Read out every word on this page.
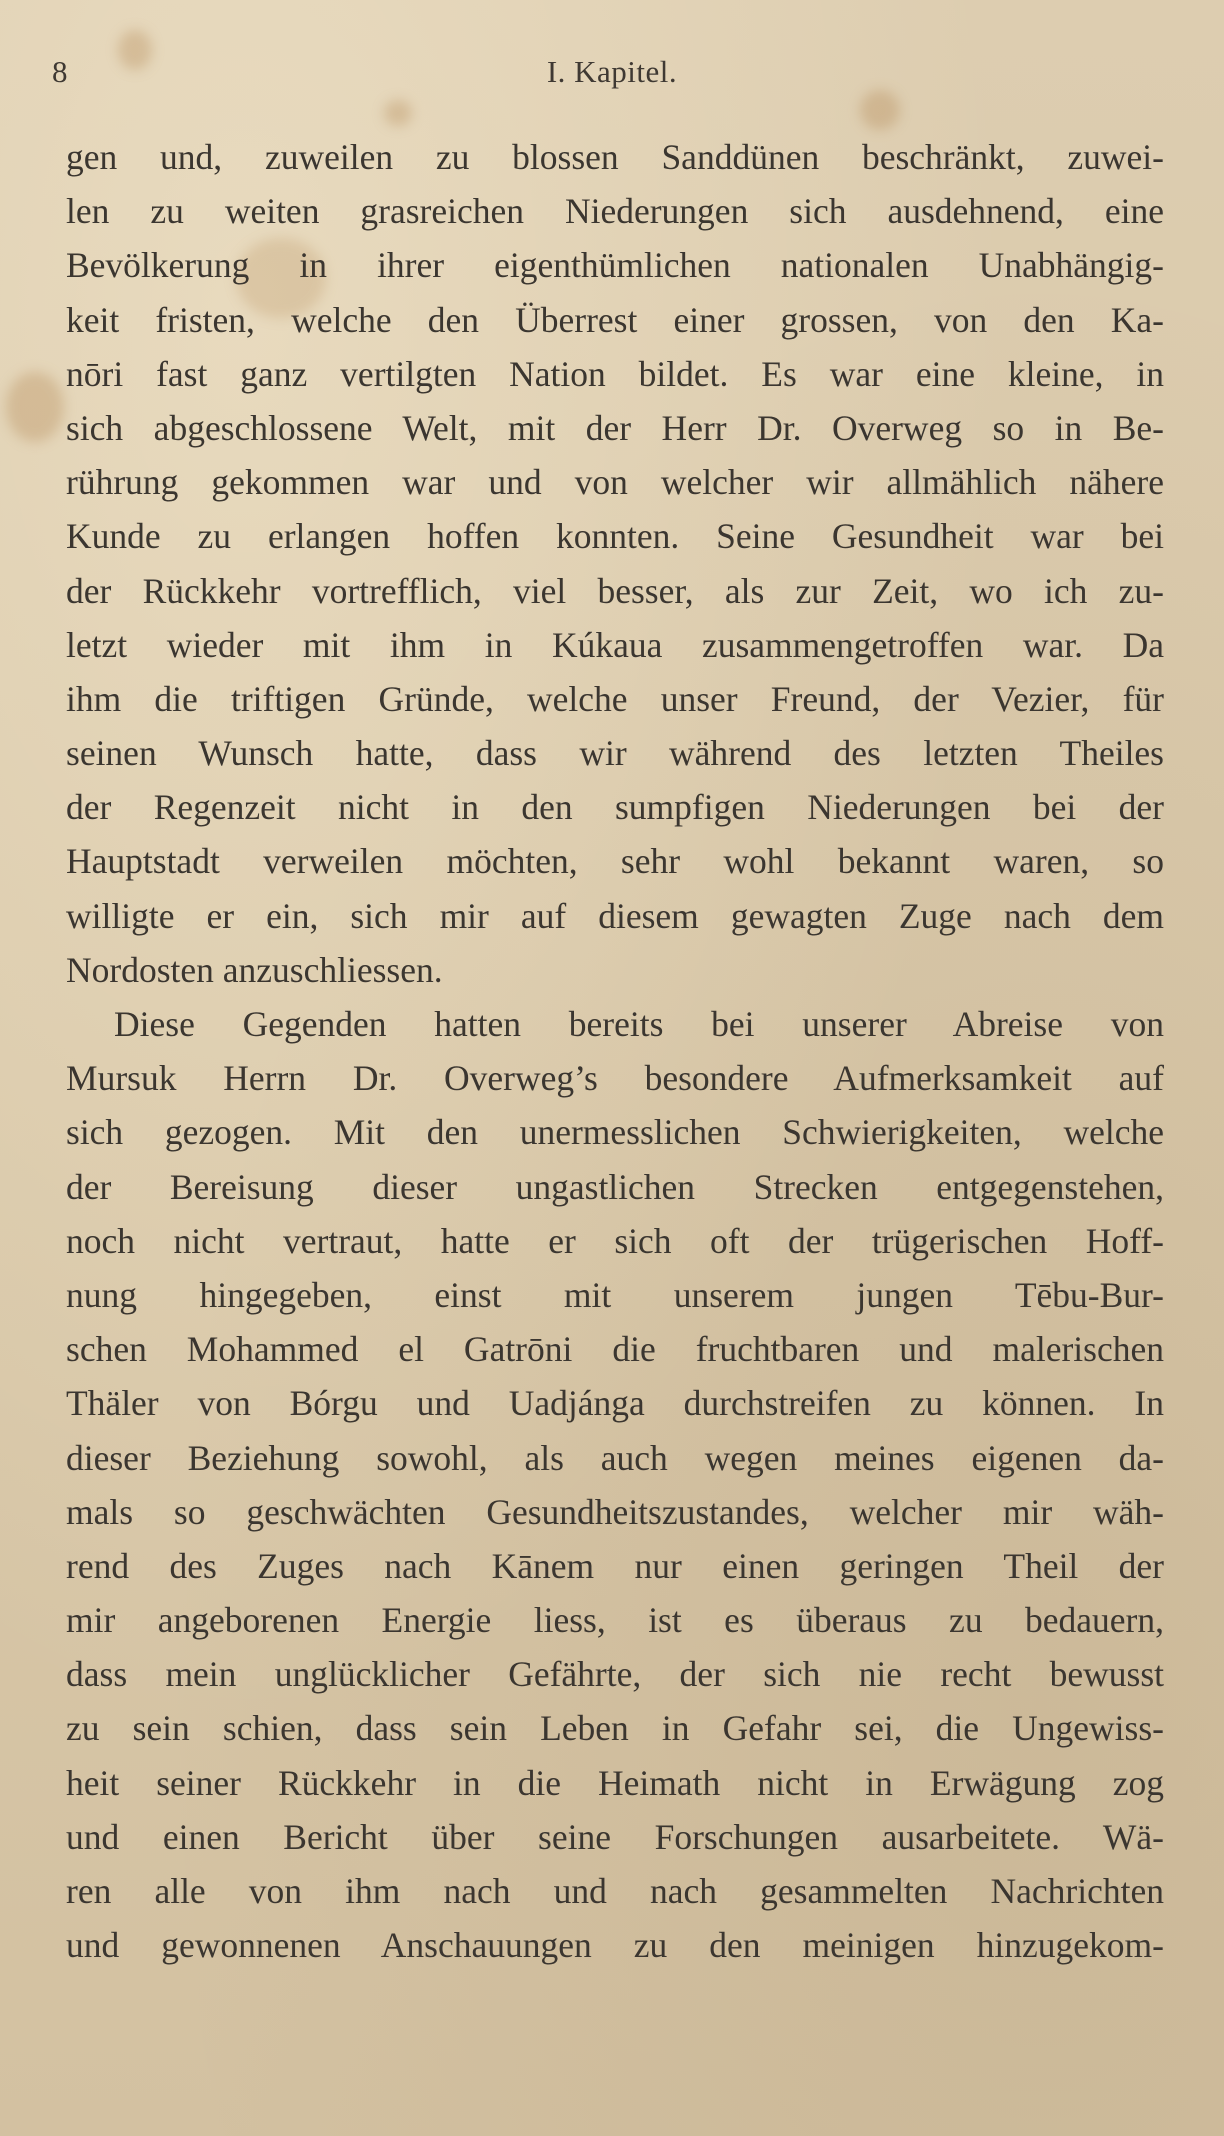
8	I. Kapitel.
gen und, zuweilen zu blossen Sanddünen beschränkt, zuwei-
len zu weiten grasreichen Niederungen sich ausdehnend, eine
Bevölkerung in ihrer eigenthümlichen nationalen Unabhängig-
keit fristen, welche den Überrest einer grossen, von den Ka-
nōri fast ganz vertilgten Nation bildet. Es war eine kleine, in
sich abgeschlossene Welt, mit der Herr Dr. Overweg so in Be-
rührung gekommen war und von welcher wir allmählich nähere
Kunde zu erlangen hoffen konnten. Seine Gesundheit war bei
der Rückkehr vortrefflich, viel besser, als zur Zeit, wo ich zu-
letzt wieder mit ihm in Kúkaua zusammengetroffen war. Da
ihm die triftigen Gründe, welche unser Freund, der Vezier, für
seinen Wunsch hatte, dass wir während des letzten Theiles
der Regenzeit nicht in den sumpfigen Niederungen bei der
Hauptstadt verweilen möchten, sehr wohl bekannt waren, so
willigte er ein, sich mir auf diesem gewagten Zuge nach dem
Nordosten anzuschliessen.
Diese Gegenden hatten bereits bei unserer Abreise von
Mursuk Herrn Dr. Overweg’s besondere Aufmerksamkeit auf
sich gezogen. Mit den unermesslichen Schwierigkeiten, welche
der Bereisung dieser ungastlichen Strecken entgegenstehen,
noch nicht vertraut, hatte er sich oft der trügerischen Hoff-
nung hingegeben, einst mit unserem jungen Tēbu-Bur-
schen Mohammed el Gatrōni die fruchtbaren und malerischen
Thäler von Bórgu und Uadjánga durchstreifen zu können. In
dieser Beziehung sowohl, als auch wegen meines eigenen da-
mals so geschwächten Gesundheitszustandes, welcher mir wäh-
rend des Zuges nach Kānem nur einen geringen Theil der
mir angeborenen Energie liess, ist es überaus zu bedauern,
dass mein unglücklicher Gefährte, der sich nie recht bewusst
zu sein schien, dass sein Leben in Gefahr sei, die Ungewiss-
heit seiner Rückkehr in die Heimath nicht in Erwägung zog
und einen Bericht über seine Forschungen ausarbeitete. Wä-
ren alle von ihm nach und nach gesammelten Nachrichten
und gewonnenen Anschauungen zu den meinigen hinzugekom-
